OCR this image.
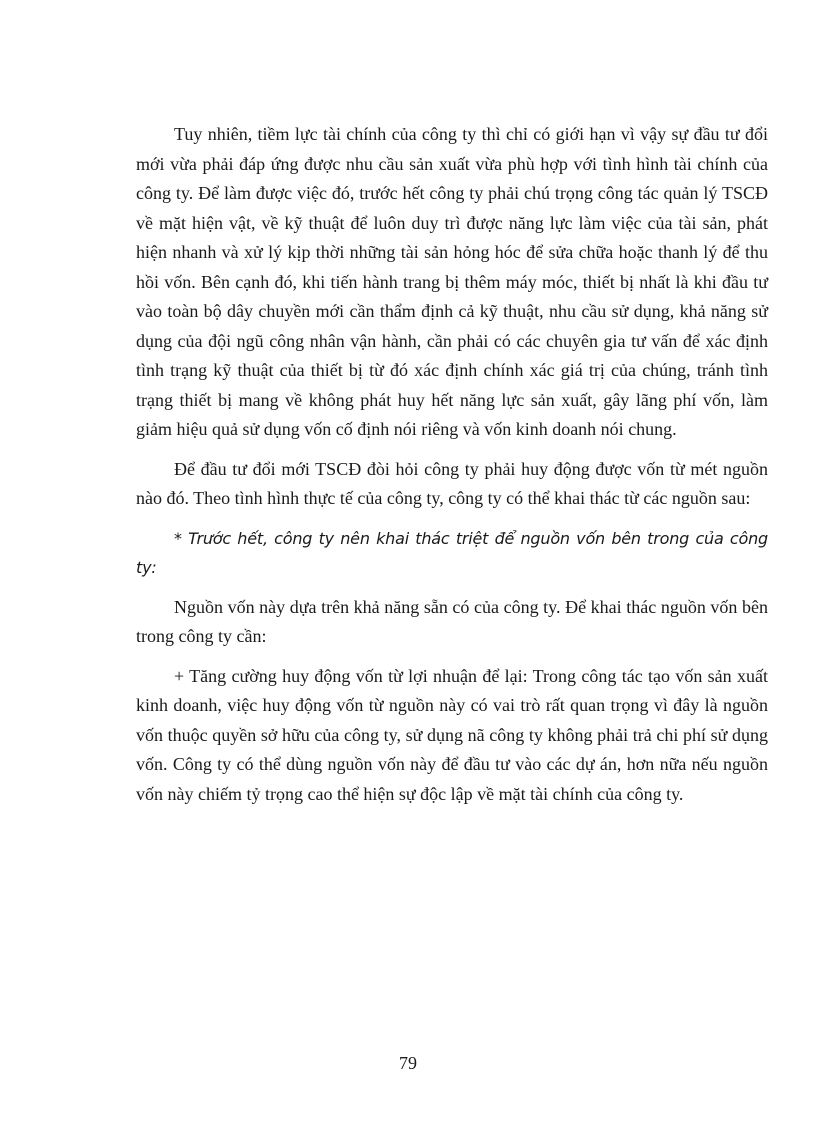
Tuy nhiên, tiềm lực tài chính của công ty thì chỉ có giới hạn vì vậy sự đầu tư đổi mới vừa phải đáp ứng được nhu cầu sản xuất vừa phù hợp với tình hình tài chính của công ty. Để làm được việc đó, trước hết công ty phải chú trọng công tác quản lý TSCĐ về mặt hiện vật, về kỹ thuật để luôn duy trì được năng lực làm việc của tài sản, phát hiện nhanh và xử lý kịp thời những tài sản hỏng hóc để sửa chữa hoặc thanh lý để thu hồi vốn. Bên cạnh đó, khi tiến hành trang bị thêm máy móc, thiết bị nhất là khi đầu tư vào toàn bộ dây chuyền mới cần thẩm định cả kỹ thuật, nhu cầu sử dụng, khả năng sử dụng của đội ngũ công nhân vận hành, cần phải có các chuyên gia tư vấn để xác định tình trạng kỹ thuật của thiết bị từ đó xác định chính xác giá trị của chúng, tránh tình trạng thiết bị mang về không phát huy hết năng lực sản xuất, gây lãng phí vốn, làm giảm hiệu quả sử dụng vốn cố định nói riêng và vốn kinh doanh nói chung.

Để đầu tư đổi mới TSCĐ đòi hỏi công ty phải huy động được vốn từ mét nguồn nào đó. Theo tình hình thực tế của công ty, công ty có thể khai thác từ các nguồn sau:

* Trước hết, công ty nên khai thác triệt để nguồn vốn bên trong của công ty:

Nguồn vốn này dựa trên khả năng sẵn có của công ty. Để khai thác nguồn vốn bên trong công ty cần:

+ Tăng cường huy động vốn từ lợi nhuận để lại: Trong công tác tạo vốn sản xuất kinh doanh, việc huy động vốn từ nguồn này có vai trò rất quan trọng vì đây là nguồn vốn thuộc quyền sở hữu của công ty, sử dụng nã công ty không phải trả chi phí sử dụng vốn. Công ty có thể dùng nguồn vốn này để đầu tư vào các dự án, hơn nữa nếu nguồn vốn này chiếm tỷ trọng cao thể hiện sự độc lập về mặt tài chính của công ty.

79
